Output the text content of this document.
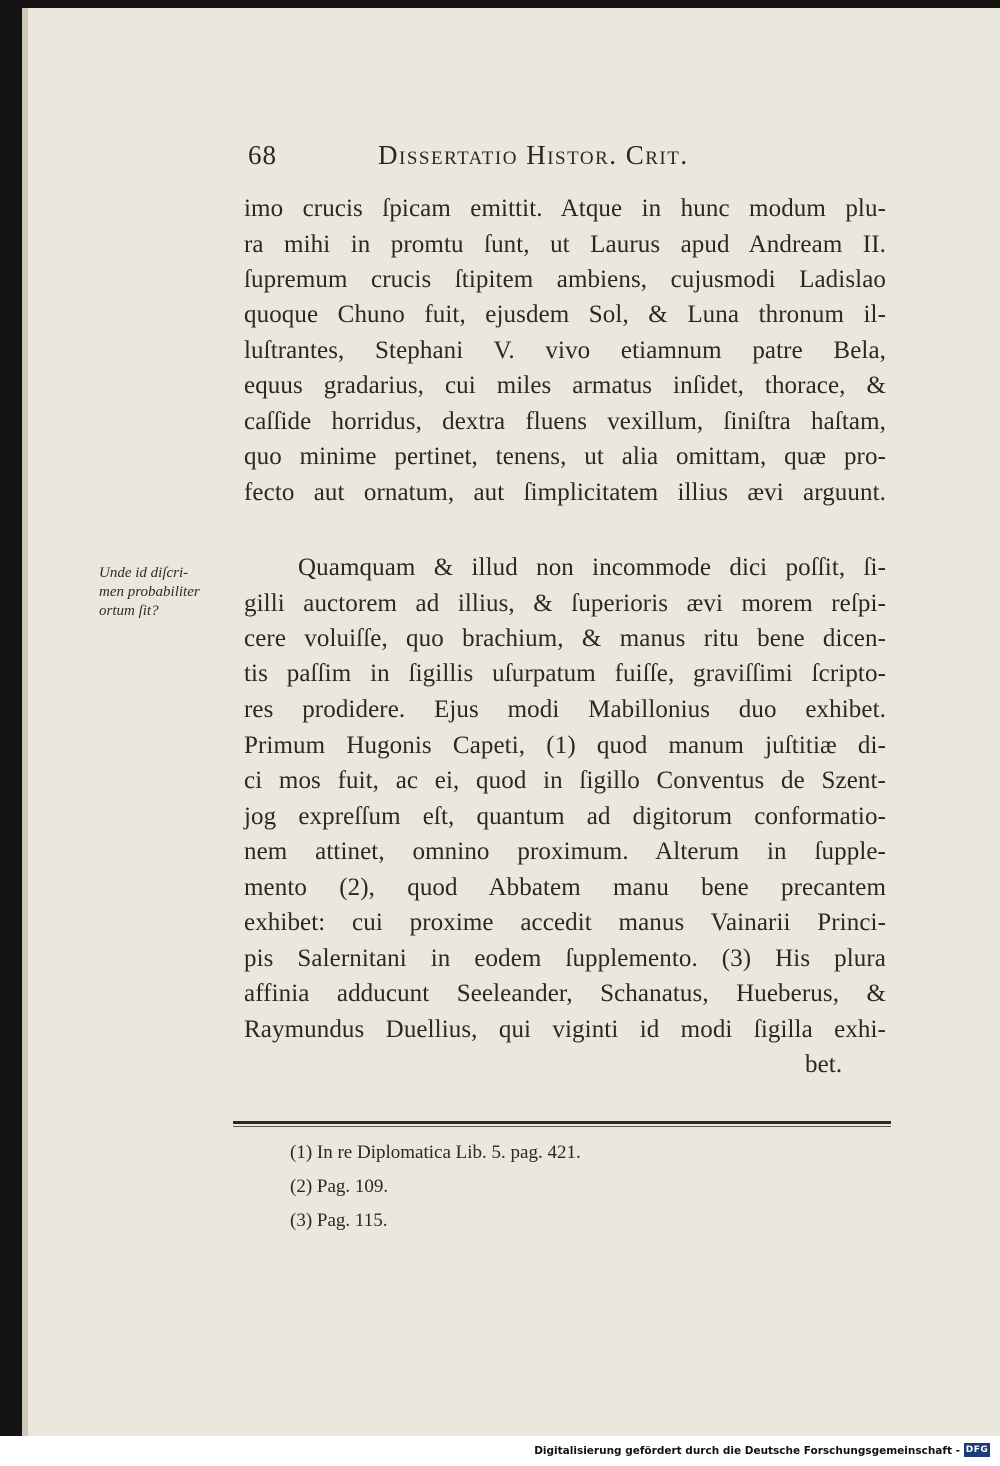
68	Dissertatio Histor. Crit.
imo crucis ſpicam emittit. Atque in hunc modum plu-
ra mihi in promtu ſunt, ut Laurus apud Andream II.
ſupremum crucis ſtipitem ambiens, cujusmodi Ladislao
quoque Chuno fuit, ejusdem Sol, & Luna thronum il-
luſtrantes, Stephani V. vivo etiamnum patre Bela,
equus gradarius, cui miles armatus inſidet, thorace, &
caſſide horridus, dextra fluens vexillum, ſiniſtra haſtam,
quo minime pertinet, tenens, ut alia omittam, quæ pro-
fecto aut ornatum, aut ſimplicitatem illius ævi arguunt.
Unde id diſcri-
men probabiliter
ortum ſit?
Quamquam & illud non incommode dici poſſit, ſi-
gilli auctorem ad illius, & ſuperioris ævi morem reſpi-
cere voluiſſe, quo brachium, & manus ritu bene dicen-
tis paſſim in ſigillis uſurpatum fuiſſe, graviſſimi ſcripto-
res prodidere. Ejus modi Mabillonius duo exhibet.
Primum Hugonis Capeti, (1) quod manum juſtitiæ di-
ci mos fuit, ac ei, quod in ſigillo Conventus de Szent-
jog expreſſum eſt, quantum ad digitorum conformatio-
nem attinet, omnino proximum. Alterum in ſupple-
mento (2), quod Abbatem manu bene precantem
exhibet: cui proxime accedit manus Vainarii Princi-
pis Salernitani in eodem ſupplemento. (3) His plura
affinia adducunt Seeleander, Schanatus, Hueberus, &
Raymundus Duellius, qui viginti id modi ſigilla exhi-
bet.
(1) In re Diplomatica Lib. 5. pag. 421.
(2) Pag. 109.
(3) Pag. 115.
Digitalisierung gefördert durch die Deutsche Forschungsgemeinschaft - DFG
